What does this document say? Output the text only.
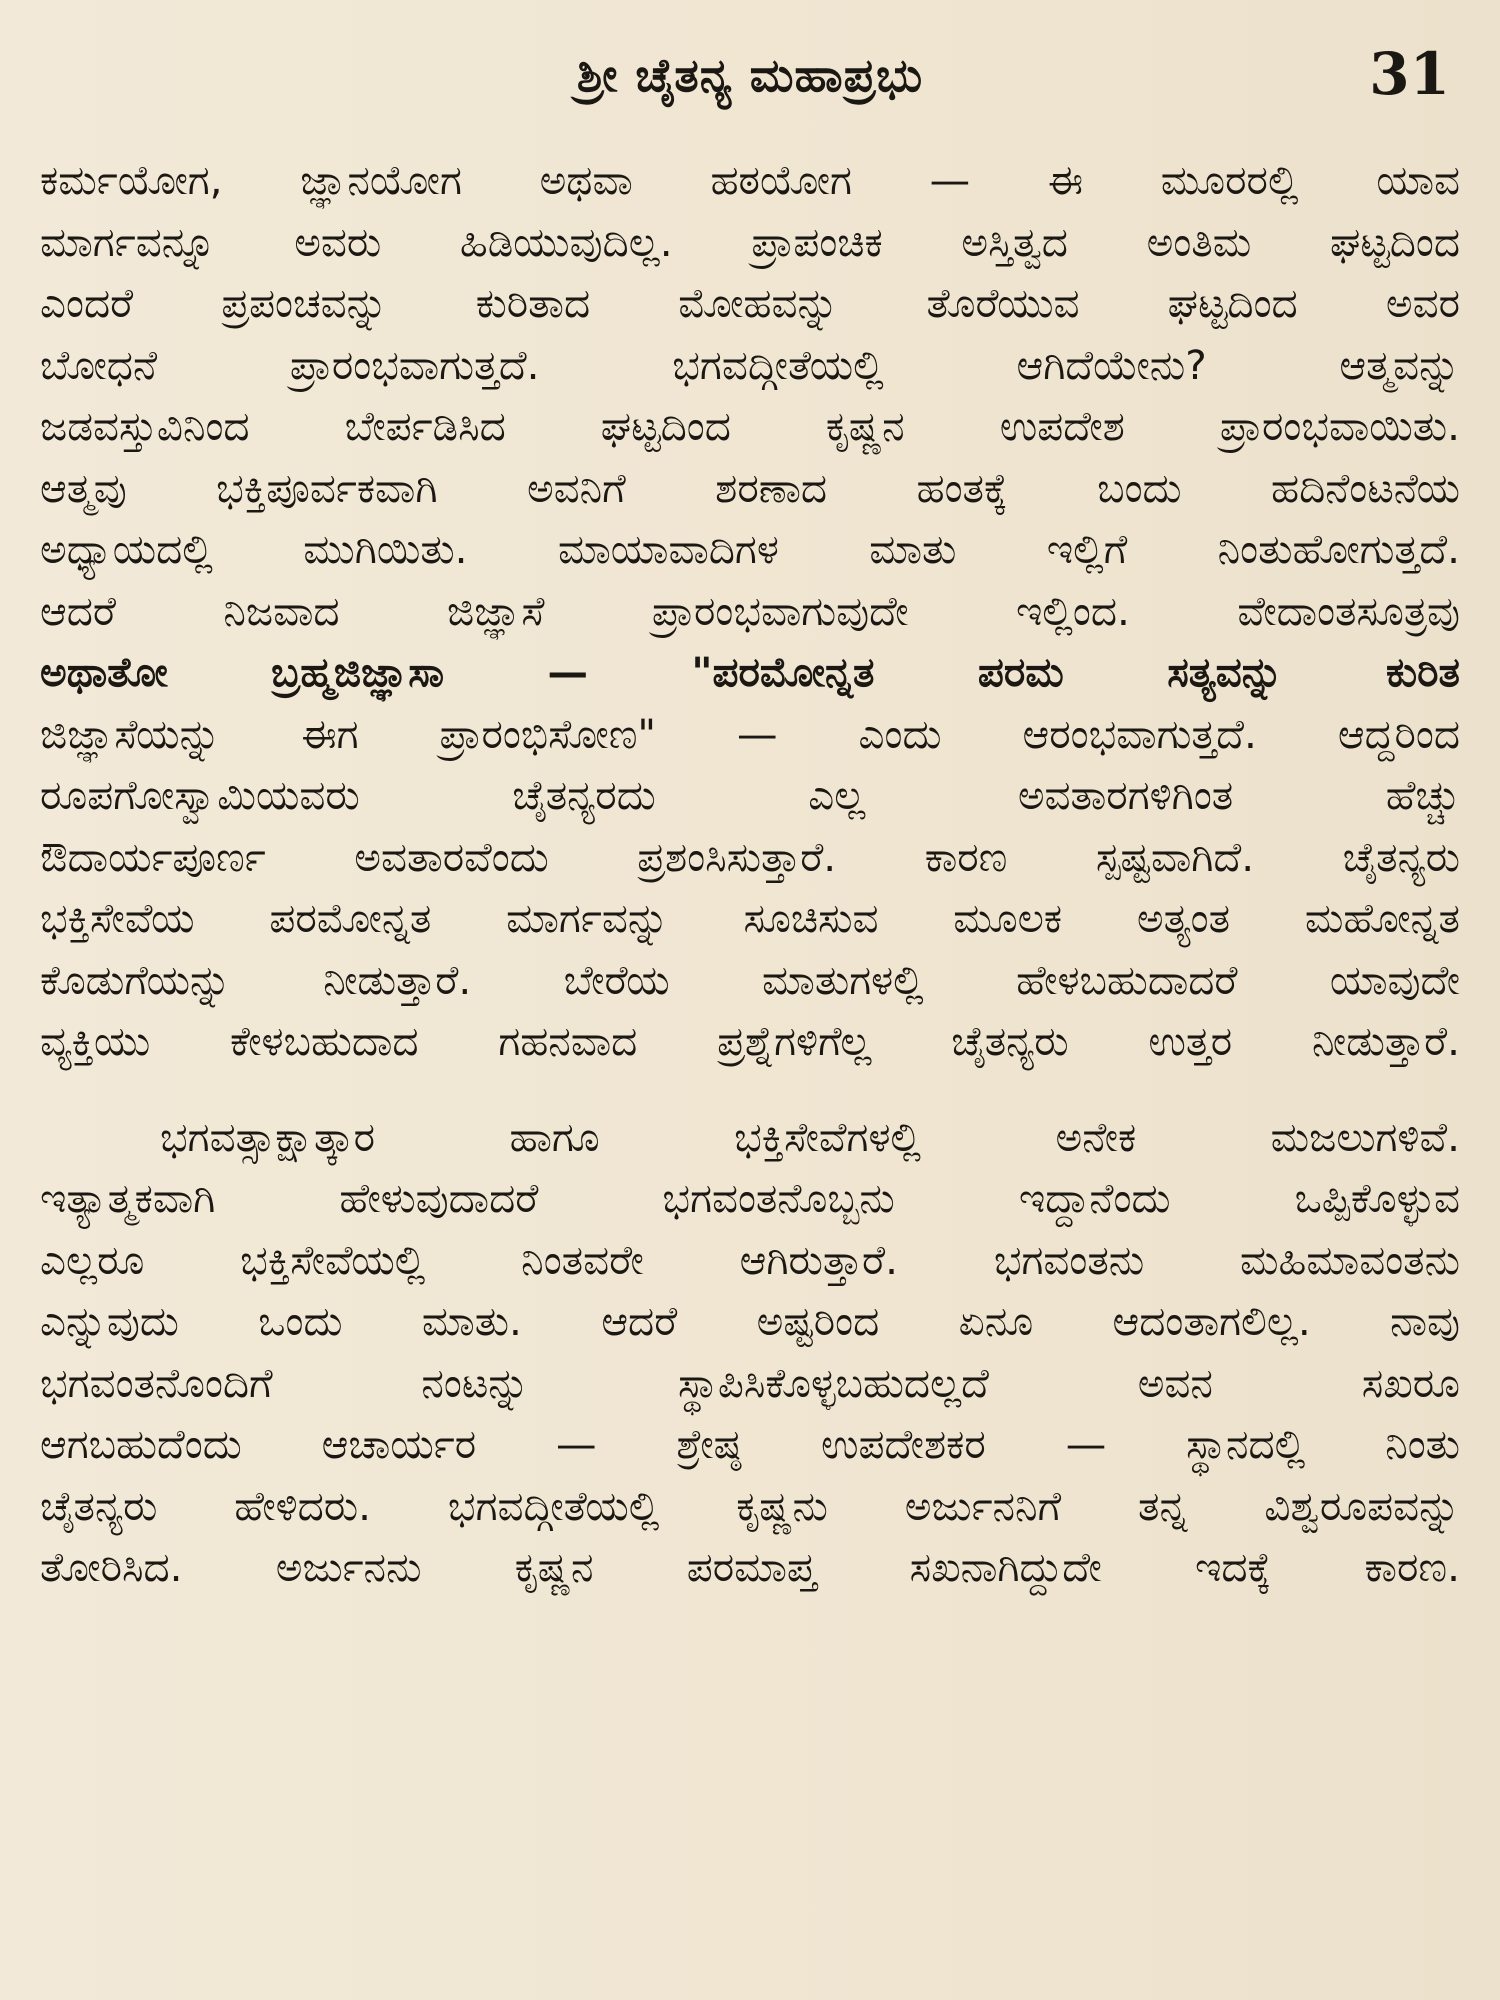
ಶ್ರೀ ಚೈತನ್ಯ ಮಹಾಪ್ರಭು	31
ಕರ್ಮಯೋಗ, ಜ್ಞಾನಯೋಗ ಅಥವಾ ಹಠಯೋಗ — ಈ ಮೂರರಲ್ಲಿ ಯಾವ
ಮಾರ್ಗವನ್ನೂ ಅವರು ಹಿಡಿಯುವುದಿಲ್ಲ. ಪ್ರಾಪಂಚಿಕ ಅಸ್ತಿತ್ವದ ಅಂತಿಮ ಘಟ್ಟದಿಂದ
ಎಂದರೆ ಪ್ರಪಂಚವನ್ನು ಕುರಿತಾದ ಮೋಹವನ್ನು ತೊರೆಯುವ ಘಟ್ಟದಿಂದ ಅವರ
ಬೋಧನೆ ಪ್ರಾರಂಭವಾಗುತ್ತದೆ. ಭಗವದ್ಗೀತೆಯಲ್ಲಿ ಆಗಿದೆಯೇನು? ಆತ್ಮವನ್ನು
ಜಡವಸ್ತುವಿನಿಂದ ಬೇರ್ಪಡಿಸಿದ ಘಟ್ಟದಿಂದ ಕೃಷ್ಣನ ಉಪದೇಶ ಪ್ರಾರಂಭವಾಯಿತು.
ಆತ್ಮವು ಭಕ್ತಿಪೂರ್ವಕವಾಗಿ ಅವನಿಗೆ ಶರಣಾದ ಹಂತಕ್ಕೆ ಬಂದು ಹದಿನೆಂಟನೆಯ
ಅಧ್ಯಾಯದಲ್ಲಿ ಮುಗಿಯಿತು. ಮಾಯಾವಾದಿಗಳ ಮಾತು ಇಲ್ಲಿಗೆ ನಿಂತುಹೋಗುತ್ತದೆ.
ಆದರೆ ನಿಜವಾದ ಜಿಜ್ಞಾಸೆ ಪ್ರಾರಂಭವಾಗುವುದೇ ಇಲ್ಲಿಂದ. ವೇದಾಂತಸೂತ್ರವು
ಅಥಾತೋ ಬ್ರಹ್ಮಜಿಜ್ಞಾಸಾ — "ಪರಮೋನ್ನತ ಪರಮ ಸತ್ಯವನ್ನು ಕುರಿತ
ಜಿಜ್ಞಾಸೆಯನ್ನು ಈಗ ಪ್ರಾರಂಭಿಸೋಣ" — ಎಂದು ಆರಂಭವಾಗುತ್ತದೆ. ಆದ್ದರಿಂದ
ರೂಪಗೋಸ್ವಾಮಿಯವರು ಚೈತನ್ಯರದು ಎಲ್ಲ ಅವತಾರಗಳಿಗಿಂತ ಹೆಚ್ಚು
ಔದಾರ್ಯಪೂರ್ಣ ಅವತಾರವೆಂದು ಪ್ರಶಂಸಿಸುತ್ತಾರೆ. ಕಾರಣ ಸ್ಪಷ್ಟವಾಗಿದೆ. ಚೈತನ್ಯರು
ಭಕ್ತಿಸೇವೆಯ ಪರಮೋನ್ನತ ಮಾರ್ಗವನ್ನು ಸೂಚಿಸುವ ಮೂಲಕ ಅತ್ಯಂತ ಮಹೋನ್ನತ
ಕೊಡುಗೆಯನ್ನು ನೀಡುತ್ತಾರೆ. ಬೇರೆಯ ಮಾತುಗಳಲ್ಲಿ ಹೇಳಬಹುದಾದರೆ ಯಾವುದೇ
ವ್ಯಕ್ತಿಯು ಕೇಳಬಹುದಾದ ಗಹನವಾದ ಪ್ರಶ್ನೆಗಳಿಗೆಲ್ಲ ಚೈತನ್ಯರು ಉತ್ತರ ನೀಡುತ್ತಾರೆ.
ಭಗವತ್ಸಾಕ್ಷಾತ್ಕಾರ ಹಾಗೂ ಭಕ್ತಿಸೇವೆಗಳಲ್ಲಿ ಅನೇಕ ಮಜಲುಗಳಿವೆ.
ಇತ್ಯಾತ್ಮಕವಾಗಿ ಹೇಳುವುದಾದರೆ ಭಗವಂತನೊಬ್ಬನು ಇದ್ದಾನೆಂದು ಒಪ್ಪಿಕೊಳ್ಳುವ
ಎಲ್ಲರೂ ಭಕ್ತಿಸೇವೆಯಲ್ಲಿ ನಿಂತವರೇ ಆಗಿರುತ್ತಾರೆ. ಭಗವಂತನು ಮಹಿಮಾವಂತನು
ಎನ್ನುವುದು ಒಂದು ಮಾತು. ಆದರೆ ಅಷ್ಟರಿಂದ ಏನೂ ಆದಂತಾಗಲಿಲ್ಲ. ನಾವು
ಭಗವಂತನೊಂದಿಗೆ ನಂಟನ್ನು ಸ್ಥಾಪಿಸಿಕೊಳ್ಳಬಹುದಲ್ಲದೆ ಅವನ ಸಖರೂ
ಆಗಬಹುದೆಂದು ಆಚಾರ್ಯರ — ಶ್ರೇಷ್ಠ ಉಪದೇಶಕರ — ಸ್ಥಾನದಲ್ಲಿ ನಿಂತು
ಚೈತನ್ಯರು ಹೇಳಿದರು. ಭಗವದ್ಗೀತೆಯಲ್ಲಿ ಕೃಷ್ಣನು ಅರ್ಜುನನಿಗೆ ತನ್ನ ವಿಶ್ವರೂಪವನ್ನು
ತೋರಿಸಿದ. ಅರ್ಜುನನು ಕೃಷ್ಣನ ಪರಮಾಪ್ತ ಸಖನಾಗಿದ್ದುದೇ ಇದಕ್ಕೆ ಕಾರಣ.
